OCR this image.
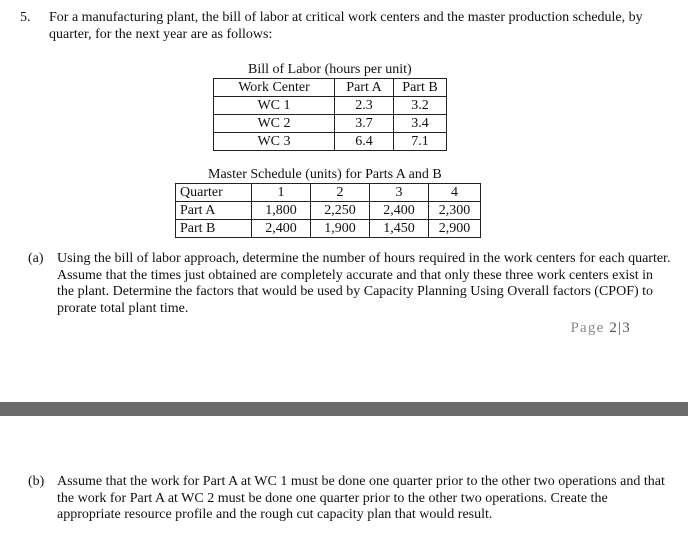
5. For a manufacturing plant, the bill of labor at critical work centers and the master production schedule, by quarter, for the next year are as follows:

Bill of Labor (hours per unit)
Work Center	Part A	Part B
WC 1	2.3	3.2
WC 2	3.7	3.4
WC 3	6.4	7.1
Master Schedule (units) for Parts A and B
Quarter	1	2	3	4
Part A	1,800	2,250	2,400	2,300
Part B	2,400	1,900	1,450	2,900
(a) Using the bill of labor approach, determine the number of hours required in the work centers for each quarter. Assume that the times just obtained are completely accurate and that only these three work centers exist in the plant. Determine the factors that would be used by Capacity Planning Using Overall factors (CPOF) to prorate total plant time.

Page 2|3
(b) Assume that the work for Part A at WC 1 must be done one quarter prior to the other two operations and that the work for Part A at WC 2 must be done one quarter prior to the other two operations. Create the appropriate resource profile and the rough cut capacity plan that would result.
